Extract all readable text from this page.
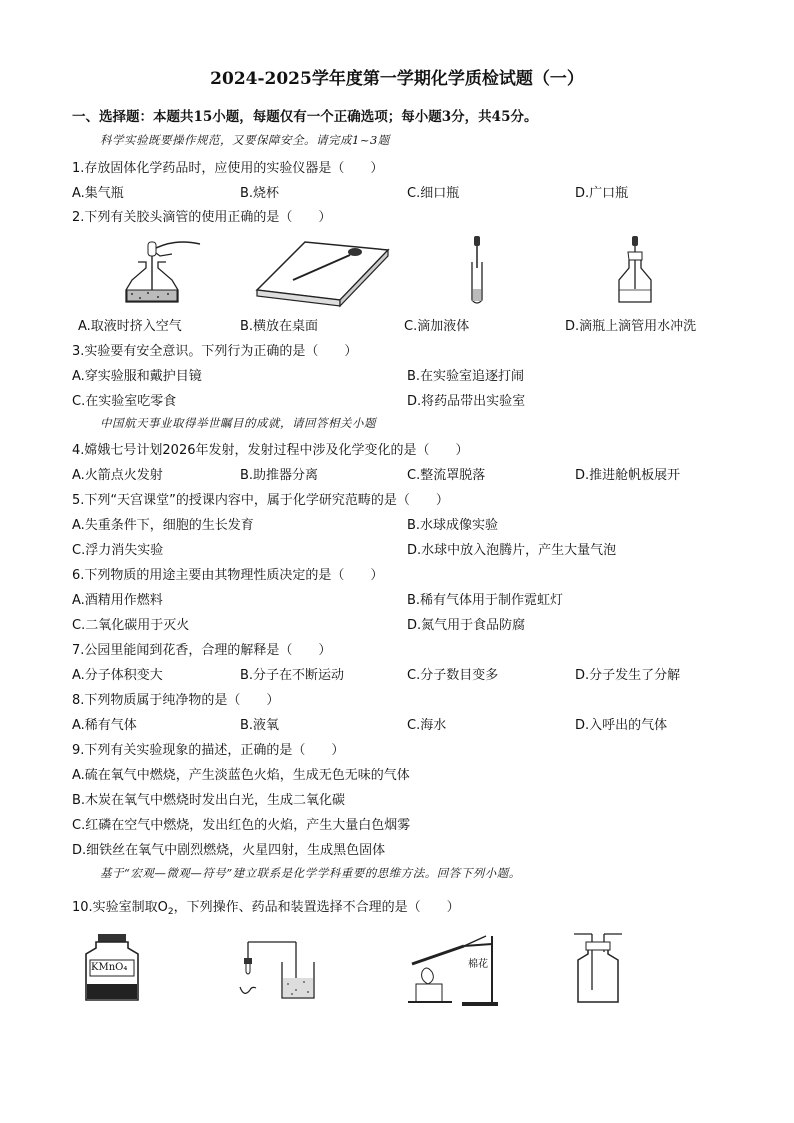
2024-2025学年度第一学期化学质检试题（一）
一、选择题：本题共15小题，每题仅有一个正确选项；每小题3分，共45分。
科学实验既要操作规范，又要保障安全。请完成1~3题
1.存放固体化学药品时，应使用的实验仪器是（　　）
A.集气瓶	B.烧杯	C.细口瓶	D.广口瓶
2.下列有关胶头滴管的使用正确的是（　　）
A.取液时挤入空气	B.横放在桌面	C.滴加液体	D.滴瓶上滴管用水冲洗
3.实验要有安全意识。下列行为正确的是（　　）
A.穿实验服和戴护目镜	B.在实验室追逐打闹
C.在实验室吃零食	D.将药品带出实验室
中国航天事业取得举世瞩目的成就，请回答相关小题
4.嫦娥七号计划2026年发射，发射过程中涉及化学变化的是（　　）
A.火箭点火发射	B.助推器分离	C.整流罩脱落	D.推进舱帆板展开
5.下列“天宫课堂”的授课内容中，属于化学研究范畴的是（　　）
A.失重条件下，细胞的生长发育	B.水球成像实验
C.浮力消失实验	D.水球中放入泡腾片，产生大量气泡
6.下列物质的用途主要由其物理性质决定的是（　　）
A.酒精用作燃料	B.稀有气体用于制作霓虹灯
C.二氧化碳用于灭火	D.氮气用于食品防腐
7.公园里能闻到花香，合理的解释是（　　）
A.分子体积变大	B.分子在不断运动	C.分子数目变多	D.分子发生了分解
8.下列物质属于纯净物的是（　　）
A.稀有气体	B.液氧	C.海水	D.入呼出的气体
9.下列有关实验现象的描述，正确的是（　　）
A.硫在氧气中燃烧，产生淡蓝色火焰，生成无色无味的气体
B.木炭在氧气中燃烧时发出白光，生成二氧化碳
C.红磷在空气中燃烧，发出红色的火焰，产生大量白色烟雾
D.细铁丝在氧气中剧烈燃烧，火星四射，生成黑色固体
基于“宏观—微观—符号”建立联系是化学学科重要的思维方法。回答下列小题。
10.实验室制取$O_2$，下列操作、药品和装置选择不合理的是（　　）
KMnO₄	棉花
